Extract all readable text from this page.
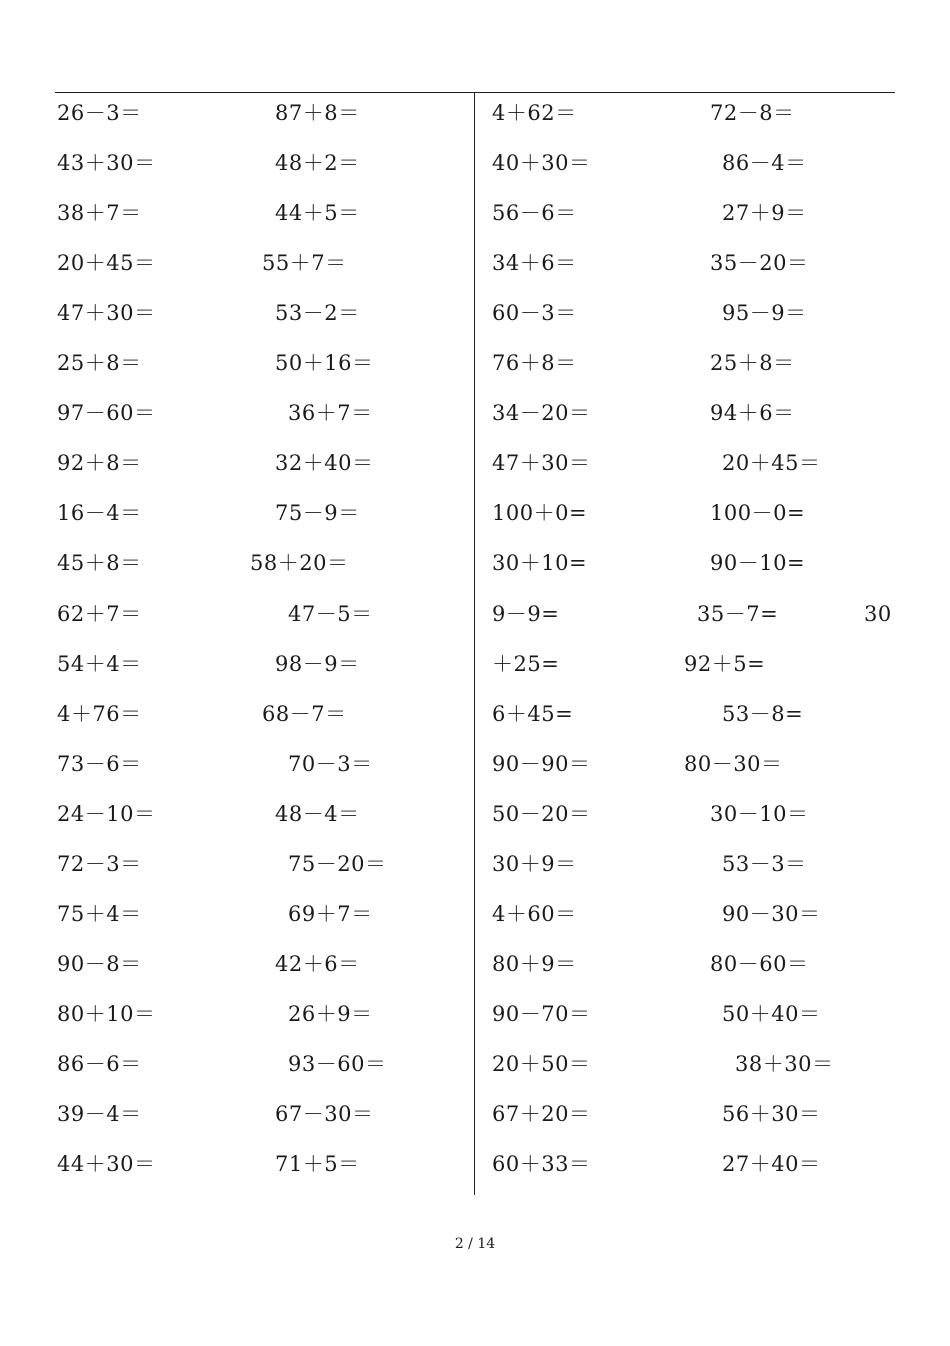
26－3＝	87＋8＝	4＋62＝	72－8＝
43＋30＝	48＋2＝	40＋30＝	86－4＝
38＋7＝	44＋5＝	56－6＝	27＋9＝
20＋45＝	55＋7＝	34＋6＝	35－20＝
47＋30＝	53－2＝	60－3＝	95－9＝
25＋8＝	50＋16＝	76＋8＝	25＋8＝
97－60＝	36＋7＝	34－20＝	94＋6＝
92＋8＝	32＋40＝	47＋30＝	20＋45＝
16－4＝	75－9＝	100＋0=	100－0=
45＋8＝	58＋20＝	30＋10=	90－10=
62＋7＝	47－5＝	9－9=	35－7=	30
54＋4＝	98－9＝	＋25=	92＋5=
4＋76＝	68－7＝	6＋45=	53－8=
73－6＝	70－3＝	90－90＝	80－30＝
24－10＝	48－4＝	50－20＝	30－10＝
72－3＝	75－20＝	30＋9＝	53－3＝
75＋4＝	69＋7＝	4＋60＝	90－30＝
90－8＝	42＋6＝	80＋9＝	80－60＝
80＋10＝	26＋9＝	90－70＝	50＋40＝
86－6＝	93－60＝	20＋50＝	38＋30＝
39－4＝	67－30＝	67＋20＝	56＋30＝
44＋30＝	71＋5＝	60＋33＝	27＋40＝
2 / 14
